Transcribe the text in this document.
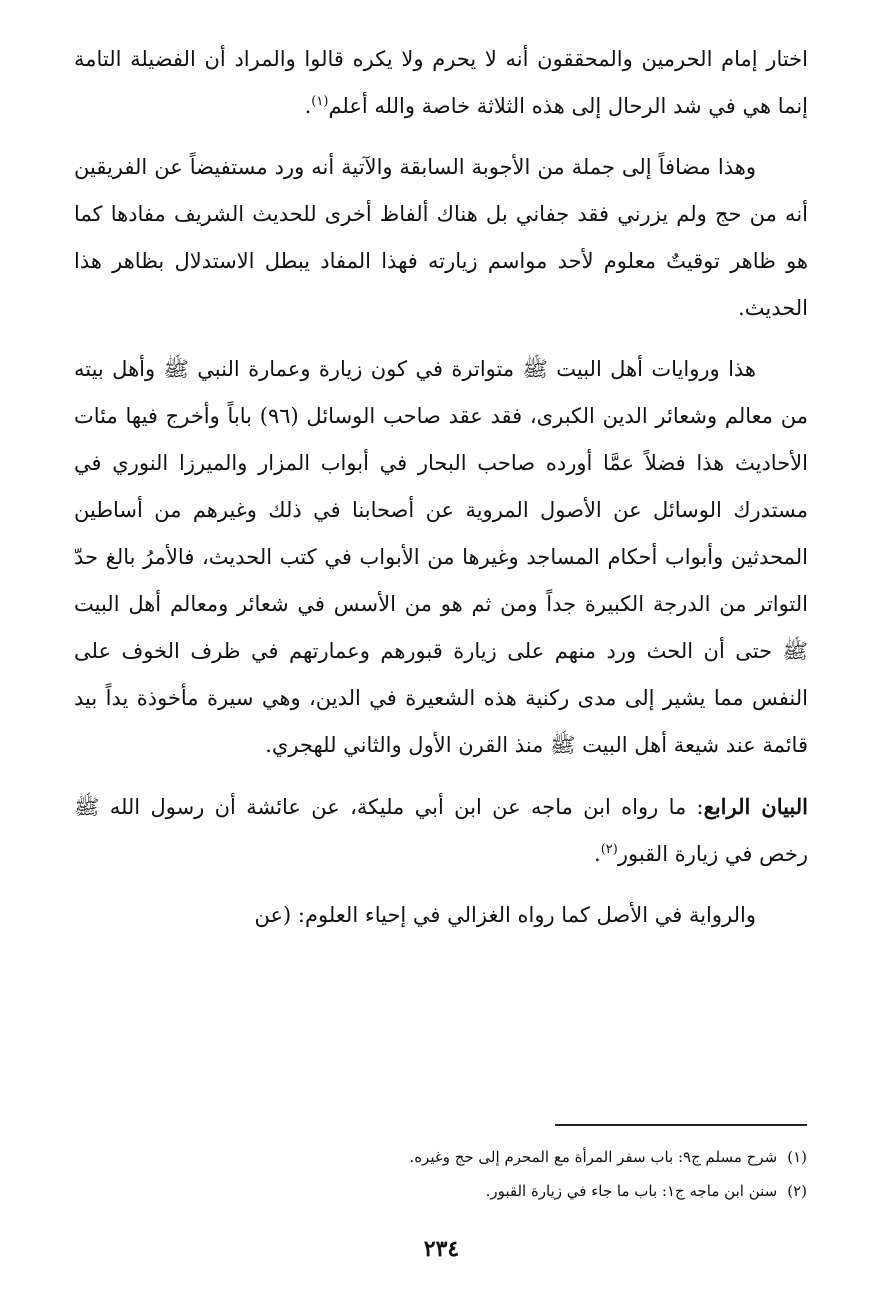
اختار إمام الحرمين والمحققون أنه لا يحرم ولا يكره قالوا والمراد أن الفضيلة التامة إنما هي في شد الرحال إلى هذه الثلاثة خاصة والله أعلم$^{(١)}$.

وهذا مضافاً إلى جملة من الأجوبة السابقة والآتية أنه ورد مستفيضاً عن الفريقين أنه من حج ولم يزرني فقد جفاني بل هناك ألفاظ أخرى للحديث الشريف مفادها كما هو ظاهر توقيتٌ معلوم لأحد مواسم زيارته فهذا المفاد يبطل الاستدلال بظاهر هذا الحديث.

هذا وروايات أهل البيت ﷺ متواترة في كون زيارة وعمارة النبي ﷺ وأهل بيته من معالم وشعائر الدين الكبرى، فقد عقد صاحب الوسائل (٩٦) باباً وأخرج فيها مئات الأحاديث هذا فضلاً عمَّا أورده صاحب البحار في أبواب المزار والميرزا النوري في مستدرك الوسائل عن الأصول المروية عن أصحابنا في ذلك وغيرهم من أساطين المحدثين وأبواب أحكام المساجد وغيرها من الأبواب في كتب الحديث، فالأمرُ بالغ حدّ التواتر من الدرجة الكبيرة جداً ومن ثم هو من الأسس في شعائر ومعالم أهل البيت ﷺ حتى أن الحث ورد منهم على زيارة قبورهم وعمارتهم في ظرف الخوف على النفس مما يشير إلى مدى ركنية هذه الشعيرة في الدين، وهي سيرة مأخوذة يداً بيد قائمة عند شيعة أهل البيت ﷺ منذ القرن الأول والثاني للهجري.

البيان الرابع: ما رواه ابن ماجه عن ابن أبي مليكة، عن عائشة أن رسول الله ﷺ رخص في زيارة القبور$^{(٢)}$.

والرواية في الأصل كما رواه الغزالي في إحياء العلوم: (عن

(١)شرح مسلم ج٩: باب سفر المرأة مع المحرم إلى حج وغيره.
(٢)سنن ابن ماجه ج١: باب ما جاء في زيارة القبور.
٢٣٤
